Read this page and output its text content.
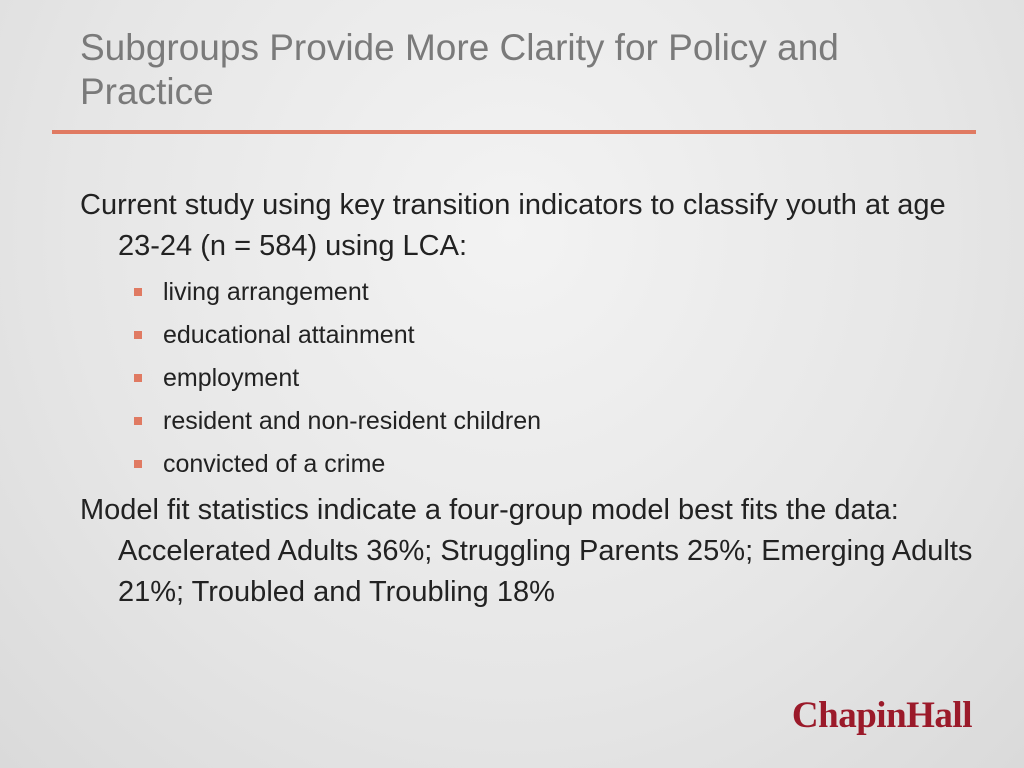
Subgroups Provide More Clarity for Policy and Practice

Current study using key transition indicators to classify youth at age 23-24 (n = 584) using LCA:

living arrangement
educational attainment
employment
resident and non-resident children
convicted of a crime

Model fit statistics indicate a four-group model best fits the data: Accelerated Adults 36%; Struggling Parents 25%; Emerging Adults 21%; Troubled and Troubling 18%

ChapinHall
